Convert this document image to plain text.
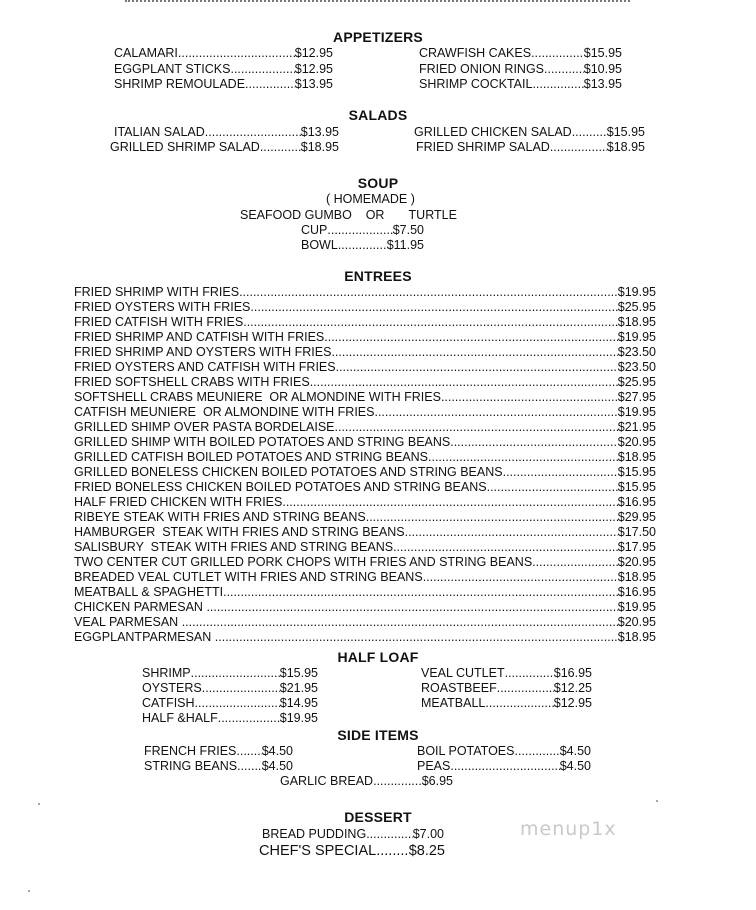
APPETIZERS
CALAMARI .....	$12.95
EGGPLANT STICKS .....	$12.95
SHRIMP REMOULADE .....	$13.95
CRAWFISH CAKES .....	$15.95
FRIED ONION RINGS .....	$10.95
SHRIMP COCKTAIL .....	$13.95
SALADS
ITALIAN SALAD .....	$13.95
GRILLED SHRIMP SALAD .....	$18.95
GRILLED CHICKEN SALAD .....	$15.95
FRIED SHRIMP SALAD .....	$18.95
SOUP
( HOMEMADE )
SEAFOOD GUMBO    OR       TURTLE
CUP .....	$7.50
BOWL .....	$11.95
ENTREES
FRIED SHRIMP WITH FRIES .....	$19.95
FRIED OYSTERS WITH FRIES .....	$25.95
FRIED CATFISH WITH FRIES .....	$18.95
FRIED SHRIMP AND CATFISH WITH FRIES .....	$19.95
FRIED SHRIMP AND OYSTERS WITH FRIES .....	$23.50
FRIED OYSTERS AND CATFISH WITH FRIES .....	$23.50
FRIED SOFTSHELL CRABS WITH FRIES .....	$25.95
SOFTSHELL CRABS MEUNIERE  OR ALMONDINE WITH FRIES .....	$27.95
CATFISH MEUNIERE  OR ALMONDINE WITH FRIES .....	$19.95
GRILLED SHIMP OVER PASTA BORDELAISE .....	$21.95
GRILLED SHIMP WITH BOILED POTATOES AND STRING BEANS .....	$20.95
GRILLED CATFISH BOILED POTATOES AND STRING BEANS .....	$18.95
GRILLED BONELESS CHICKEN BOILED POTATOES AND STRING BEANS .....	$15.95
FRIED BONELESS CHICKEN BOILED POTATOES AND STRING BEANS .....	$15.95
HALF FRIED CHICKEN WITH FRIES .....	$16.95
RIBEYE STEAK WITH FRIES AND STRING BEANS .....	$29.95
HAMBURGER  STEAK WITH FRIES AND STRING BEANS .....	$17.50
SALISBURY  STEAK WITH FRIES AND STRING BEANS .....	$17.95
TWO CENTER CUT GRILLED PORK CHOPS WITH FRIES AND STRING BEANS .....	$20.95
BREADED VEAL CUTLET WITH FRIES AND STRING BEANS .....	$18.95
MEATBALL & SPAGHETTI .....	$16.95
CHICKEN PARMESAN .....	$19.95
VEAL PARMESAN .....	$20.95
EGGPLANTPARMESAN .....	$18.95
HALF LOAF
SHRIMP .....	$15.95
OYSTERS .....	$21.95
CATFISH .....	$14.95
HALF &HALF .....	$19.95
VEAL CUTLET .....	$16.95
ROASTBEEF .....	$12.25
MEATBALL .....	$12.95
SIDE ITEMS
FRENCH FRIES ..... $4.50
STRING BEANS ..... $4.50
BOIL POTATOES .....	$4.50
PEAS .....	$4.50
GARLIC BREAD .....	$6.95
DESSERT
BREAD PUDDING .....	$7.00
CHEF'S SPECIAL ..... $8.25
menup1x
